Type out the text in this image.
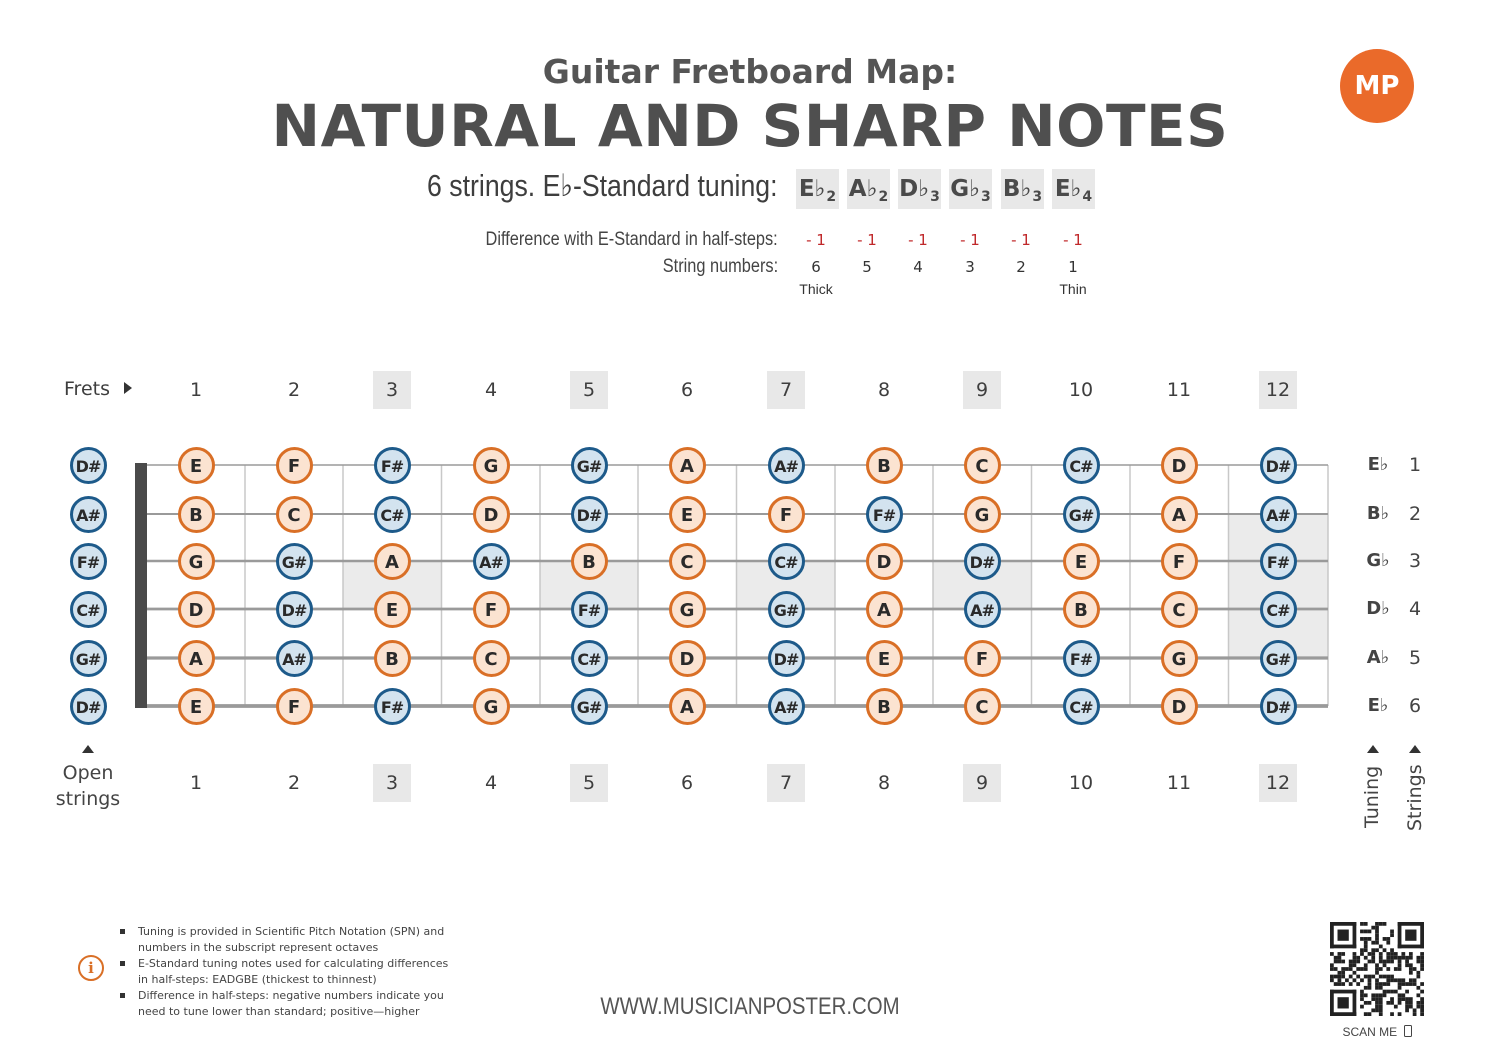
Guitar Fretboard Map:
NATURAL AND SHARP NOTES
MP
6 strings. E♭-Standard tuning: $E♭_2$ $A♭_2$ $D♭_3$ $G♭_3$ $B♭_3$ $E♭_4$
Difference with E-Standard in half-steps:
String numbers:
- 1	- 1	- 1	- 1	- 1	- 1
6	5	4	3	2	1
Thick	Thin
Frets	1	2	3	4	5	6	7	8	9	10	11	12
1	2	3	4	5	6	7	8	9	10	11	12
D#	E	F	F#	G	G#	A	A#	B	C	C#	D	D#
A#	B	C	C#	D	D#	E	F	F#	G	G#	A	A#
F#	G	G#	A	A#	B	C	C#	D	D#	E	F	F#
C#	D	D#	E	F	F#	G	G#	A	A#	B	C	C#
G#	A	A#	B	C	C#	D	D#	E	F	F#	G	G#
D#	E	F	F#	G	G#	A	A#	B	C	C#	D	D#
E♭	1
B♭	2
G♭	3
D♭	4
A♭	5
E♭	6
Open
strings	Tuning Strings
i
Tuning is provided in Scientific Pitch Notation (SPN) and numbers in the subscript represent octaves
E-Standard tuning notes used for calculating differences in half-steps: EADGBE (thickest to thinnest)
Difference in half-steps: negative numbers indicate you need to tune lower than standard; positive—higher	WWW.MUSICIANPOSTER.COM
SCAN ME
